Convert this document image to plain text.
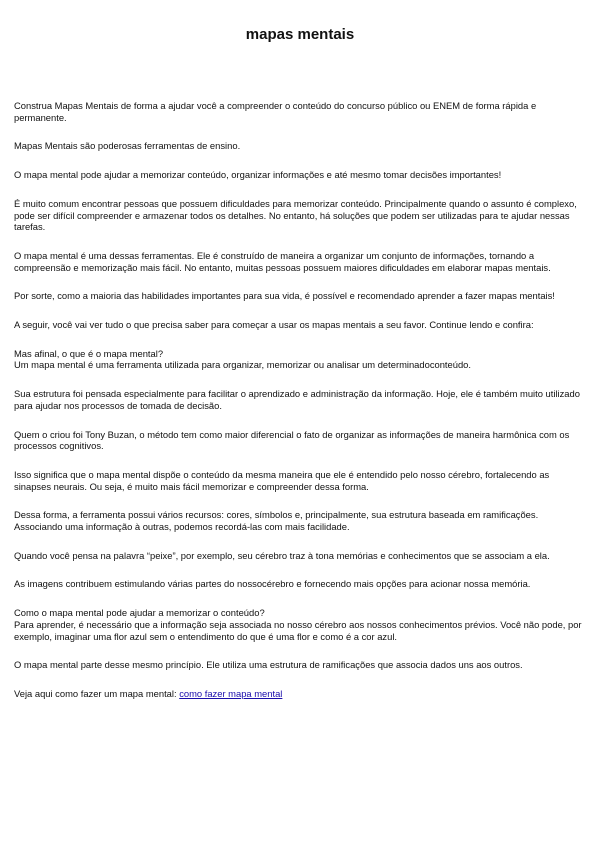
mapas mentais

Construa Mapas Mentais de forma a ajudar você a compreender o conteúdo do concurso público ou ENEM de forma rápida e permanente.

Mapas Mentais são poderosas ferramentas de ensino.

O mapa mental pode ajudar a memorizar conteúdo, organizar informações e até mesmo tomar decisões importantes!

É muito comum encontrar pessoas que possuem dificuldades para memorizar conteúdo. Principalmente quando o assunto é complexo, pode ser difícil compreender e armazenar todos os detalhes. No entanto, há soluções que podem ser utilizadas para te ajudar nessas tarefas.

O mapa mental é uma dessas ferramentas. Ele é construído de maneira a organizar um conjunto de informações, tornando a compreensão e memorização mais fácil. No entanto, muitas pessoas possuem maiores dificuldades em elaborar mapas mentais.

Por sorte, como a maioria das habilidades importantes para sua vida, é possível e recomendado aprender a fazer mapas mentais!

A seguir, você vai ver tudo o que precisa saber para começar a usar os mapas mentais a seu favor. Continue lendo e confira:

Mas afinal, o que é o mapa mental?
Um mapa mental é uma ferramenta utilizada para organizar, memorizar ou analisar um determinadoconteúdo.

Sua estrutura foi pensada especialmente para facilitar o aprendizado e administração da informação. Hoje, ele é também muito utilizado para ajudar nos processos de tomada de decisão.

Quem o criou foi Tony Buzan, o método tem como maior diferencial o fato de organizar as informações de maneira harmônica com os processos cognitivos.

Isso significa que o mapa mental dispõe o conteúdo da mesma maneira que ele é entendido pelo nosso cérebro, fortalecendo as sinapses neurais. Ou seja, é muito mais fácil memorizar e compreender dessa forma.

Dessa forma, a ferramenta possui vários recursos: cores, símbolos e, principalmente, sua estrutura baseada em ramificações. Associando uma informação à outras, podemos recordá-las com mais facilidade.

Quando você pensa na palavra “peixe”, por exemplo, seu cérebro traz à tona memórias e conhecimentos que se associam a ela.

As imagens contribuem estimulando várias partes do nossocérebro e fornecendo mais opções para acionar nossa memória.

Como o mapa mental pode ajudar a memorizar o conteúdo?
Para aprender, é necessário que a informação seja associada no nosso cérebro aos nossos conhecimentos prévios. Você não pode, por exemplo, imaginar uma flor azul sem o entendimento do que é uma flor e como é a cor azul.

O mapa mental parte desse mesmo princípio. Ele utiliza uma estrutura de ramificações que associa dados uns aos outros.

Veja aqui como fazer um mapa mental: como fazer mapa mental
